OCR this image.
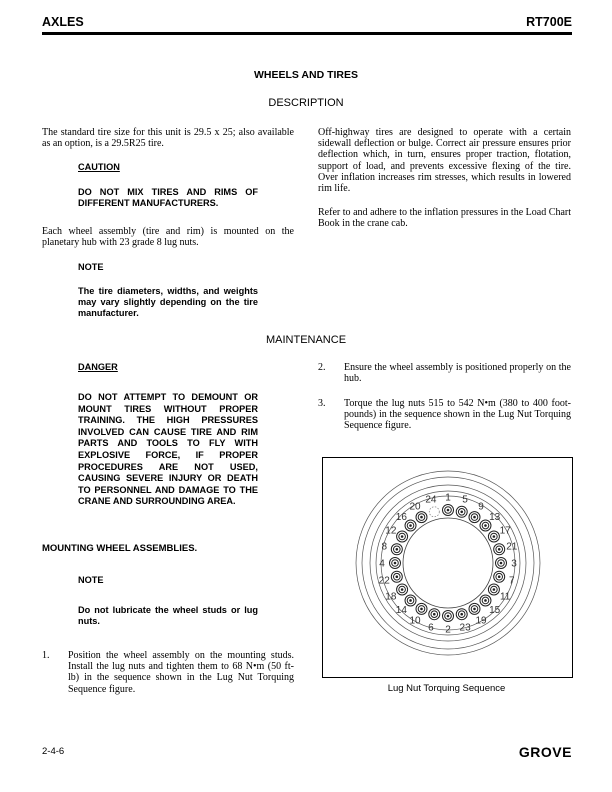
AXLES	RT700E
WHEELS AND TIRES
DESCRIPTION
The standard tire size for this unit is 29.5 x 25; also available as an option, is a 29.5R25 tire.
CAUTION
DO NOT MIX TIRES AND RIMS OF DIFFERENT MANUFACTURERS.
Each wheel assembly (tire and rim) is mounted on the planetary hub with 23 grade 8 lug nuts.
NOTE
The tire diameters, widths, and weights may vary slightly depending on the tire manufacturer.
Off-highway tires are designed to operate with a certain sidewall deflection or bulge. Correct air pressure ensures prior deflection which, in turn, ensures proper traction, flotation, support of load, and prevents excessive flexing of the tire. Over inflation increases rim stresses, which results in lowered rim life.
Refer to and adhere to the inflation pressures in the Load Chart Book in the crane cab.
MAINTENANCE
DANGER
DO NOT ATTEMPT TO DEMOUNT OR MOUNT TIRES WITHOUT PROPER TRAINING. THE HIGH PRESSURES INVOLVED CAN CAUSE TIRE AND RIM PARTS AND TOOLS TO FLY WITH EXPLOSIVE FORCE, IF PROPER PROCEDURES ARE NOT USED, CAUSING SEVERE INJURY OR DEATH TO PERSONNEL AND DAMAGE TO THE CRANE AND SURROUNDING AREA.
MOUNTING WHEEL ASSEMBLIES.
NOTE
Do not lubricate the wheel studs or lug nuts.
1.	Position the wheel assembly on the mounting studs. Install the lug nuts and tighten them to 68 N•m (50 ft-lb) in the sequence shown in the Lug Nut Torquing Sequence figure.
2.	Ensure the wheel assembly is positioned properly on the hub.
3.	Torque the lug nuts 515 to 542 N•m (380 to 400 foot-pounds) in the sequence shown in the Lug Nut Torquing Sequence figure.
1 5
9
13
17
21
3
7
11
15
19
23
2
6
10
14
18
22
4
8
12
16
20
24
Lug Nut Torquing Sequence
2-4-6	GROVE
